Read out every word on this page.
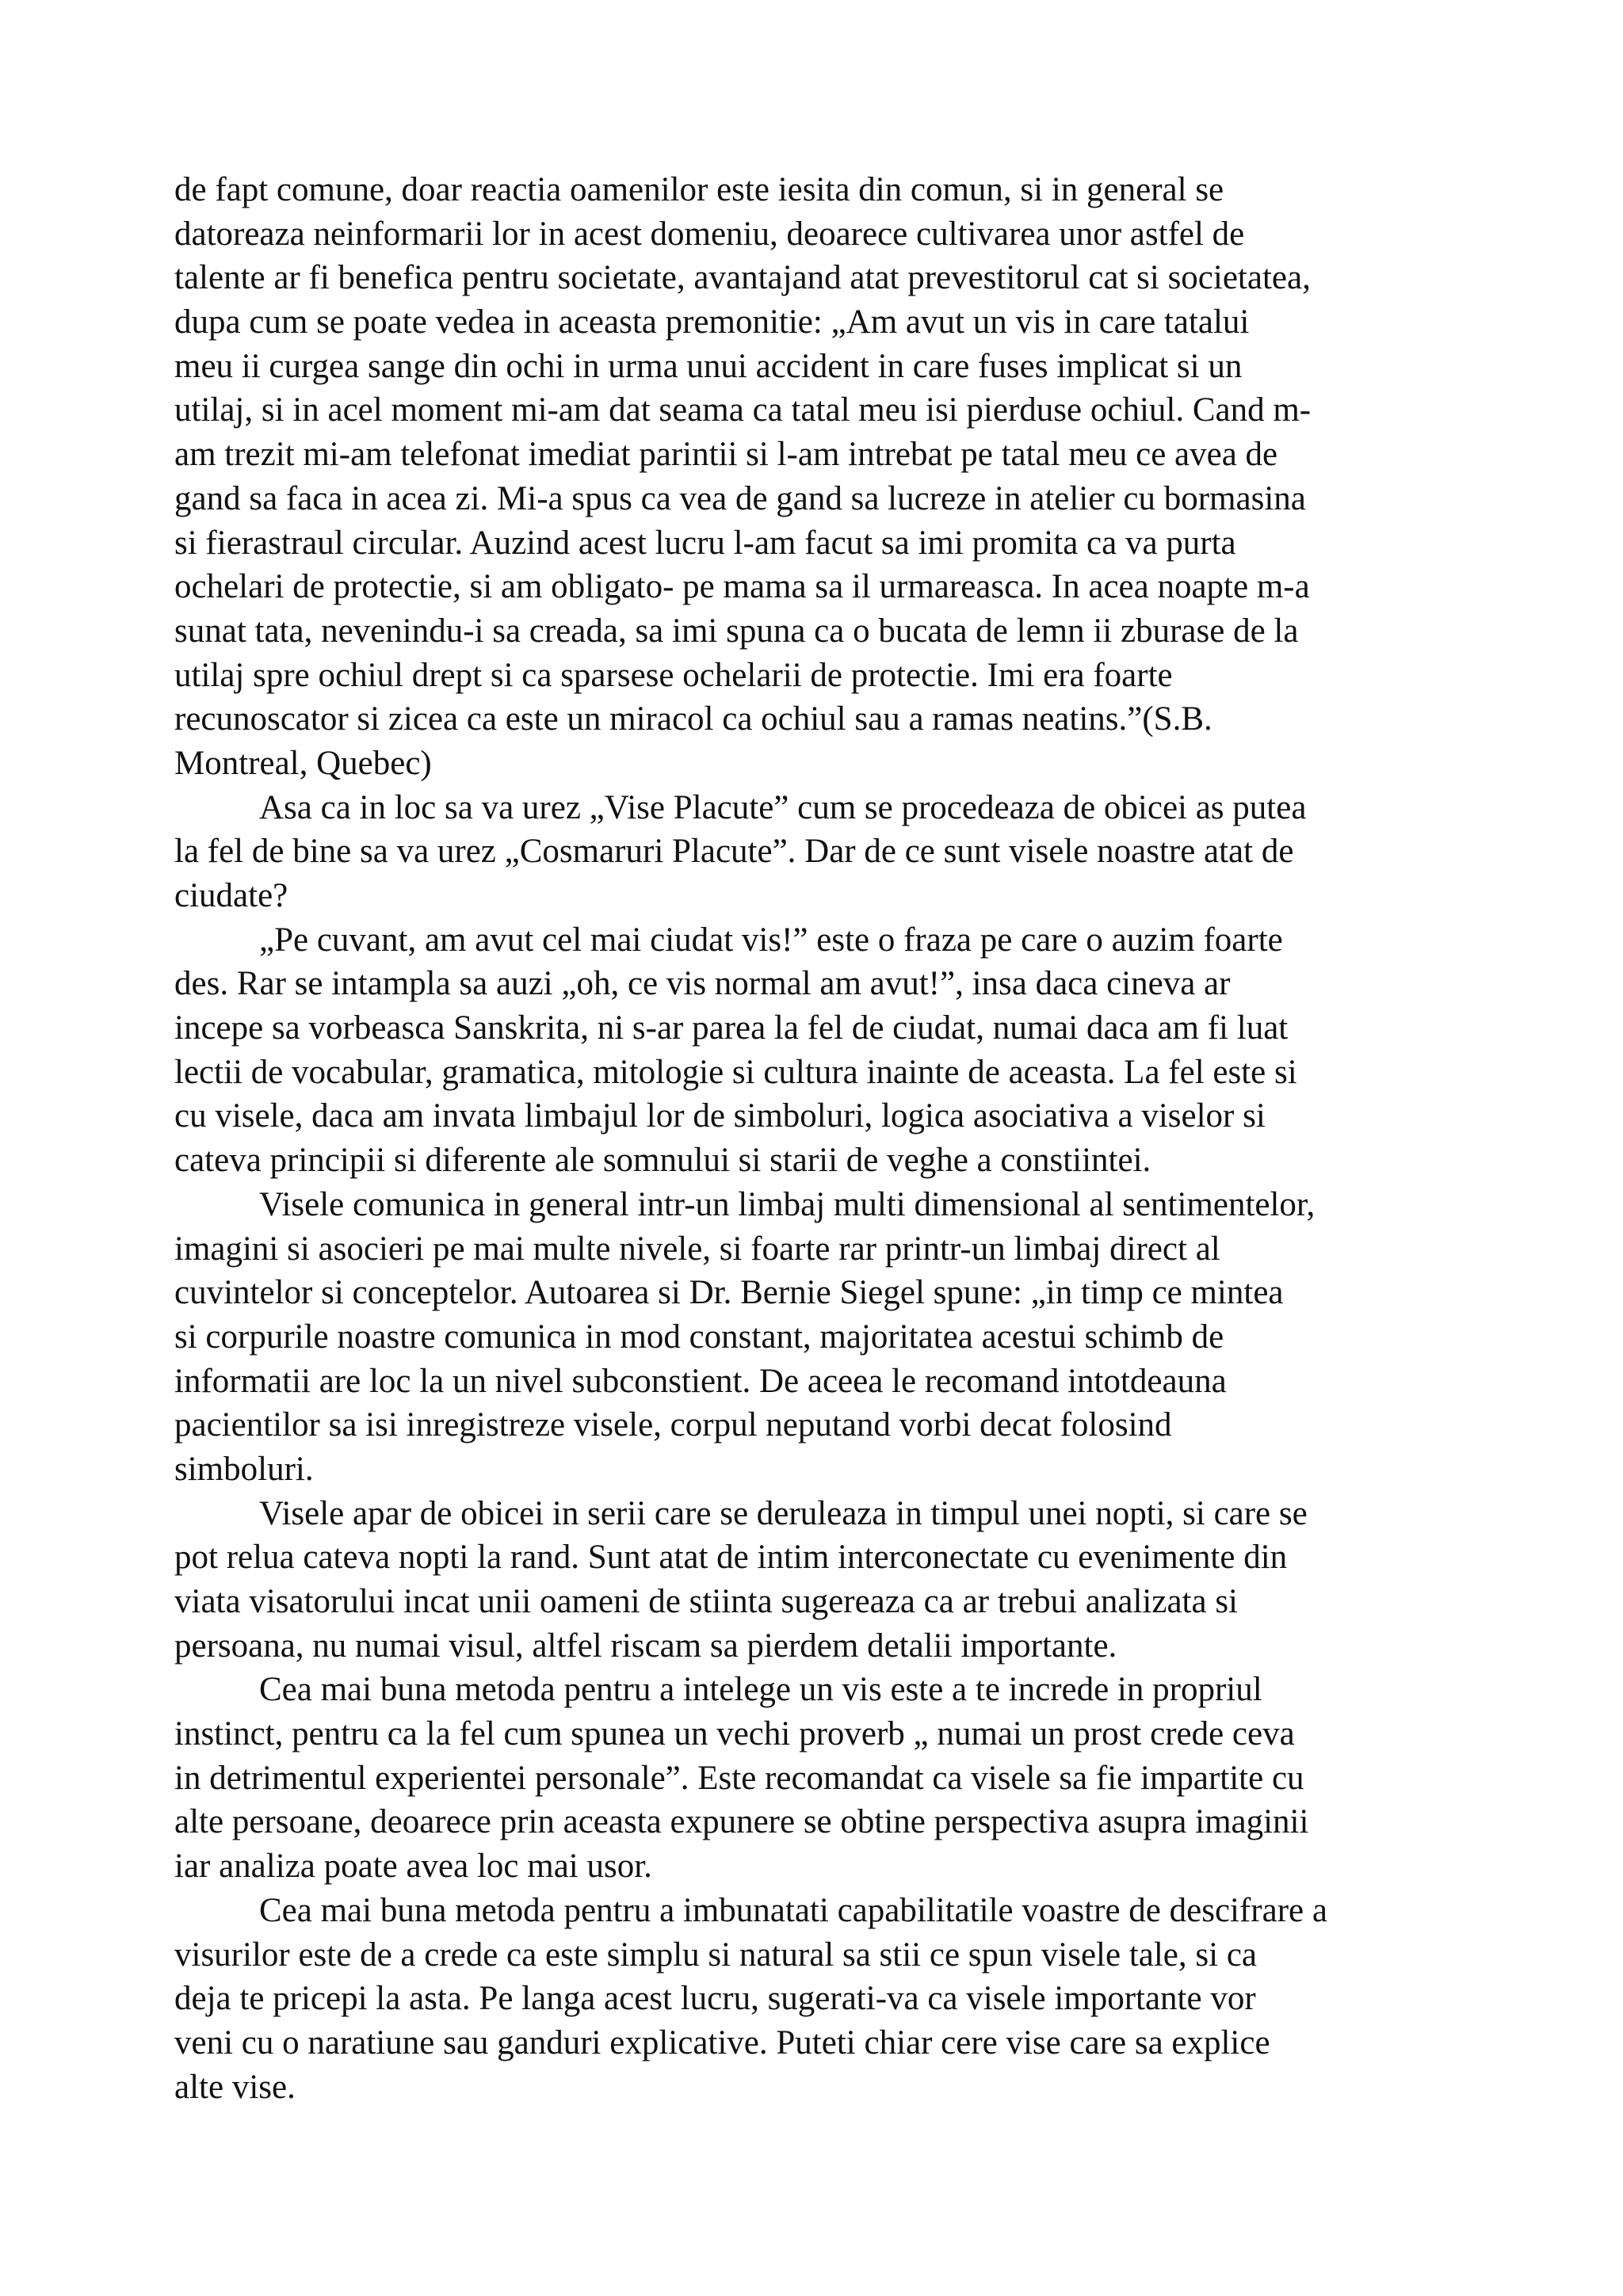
de fapt comune, doar reactia oamenilor este iesita din comun, si in general se
datoreaza neinformarii lor in acest domeniu, deoarece cultivarea unor astfel de
talente ar fi benefica pentru societate, avantajand atat prevestitorul cat si societatea,
dupa cum se poate vedea in aceasta premonitie: „Am avut un vis in care tatalui
meu ii curgea sange din ochi in urma unui accident in care fuses implicat si un
utilaj, si in acel moment mi-am dat seama ca tatal meu isi pierduse ochiul. Cand m-
am trezit mi-am telefonat imediat parintii si l-am intrebat pe tatal meu ce avea de
gand sa faca in acea zi. Mi-a spus ca vea de gand sa lucreze in atelier cu bormasina
si fierastraul circular. Auzind acest lucru l-am facut sa imi promita ca va purta
ochelari de protectie, si am obligato- pe mama sa il urmareasca. In acea noapte m-a
sunat tata, nevenindu-i sa creada, sa imi spuna ca o bucata de lemn ii zburase de la
utilaj spre ochiul drept si ca sparsese ochelarii de protectie. Imi era foarte
recunoscator si zicea ca este un miracol ca ochiul sau a ramas neatins.”(S.B.
Montreal, Quebec)
Asa ca in loc sa va urez „Vise Placute” cum se procedeaza de obicei as putea
la fel de bine sa va urez „Cosmaruri Placute”. Dar de ce sunt visele noastre atat de
ciudate?
„Pe cuvant, am avut cel mai ciudat vis!” este o fraza pe care o auzim foarte
des. Rar se intampla sa auzi „oh, ce vis normal am avut!”, insa daca cineva ar
incepe sa vorbeasca Sanskrita, ni s-ar parea la fel de ciudat, numai daca am fi luat
lectii de vocabular, gramatica, mitologie si cultura inainte de aceasta. La fel este si
cu visele, daca am invata limbajul lor de simboluri, logica asociativa a viselor si
cateva principii si diferente ale somnului si starii de veghe a constiintei.
Visele comunica in general intr-un limbaj multi dimensional al sentimentelor,
imagini si asocieri pe mai multe nivele, si foarte rar printr-un limbaj direct al
cuvintelor si conceptelor. Autoarea si Dr. Bernie Siegel spune: „in timp ce mintea
si corpurile noastre comunica in mod constant, majoritatea acestui schimb de
informatii are loc la un nivel subconstient. De aceea le recomand intotdeauna
pacientilor sa isi inregistreze visele, corpul neputand vorbi decat folosind
simboluri.
Visele apar de obicei in serii care se deruleaza in timpul unei nopti, si care se
pot relua cateva nopti la rand. Sunt atat de intim interconectate cu evenimente din
viata visatorului incat unii oameni de stiinta sugereaza ca ar trebui analizata si
persoana, nu numai visul, altfel riscam sa pierdem detalii importante.
Cea mai buna metoda pentru a intelege un vis este a te increde in propriul
instinct, pentru ca la fel cum spunea un vechi proverb „ numai un prost crede ceva
in detrimentul experientei personale”. Este recomandat ca visele sa fie impartite cu
alte persoane, deoarece prin aceasta expunere se obtine perspectiva asupra imaginii
iar analiza poate avea loc mai usor.
Cea mai buna metoda pentru a imbunatati capabilitatile voastre de descifrare a
visurilor este de a crede ca este simplu si natural sa stii ce spun visele tale, si ca
deja te pricepi la asta. Pe langa acest lucru, sugerati-va ca visele importante vor
veni cu o naratiune sau ganduri explicative. Puteti chiar cere vise care sa explice
alte vise.
